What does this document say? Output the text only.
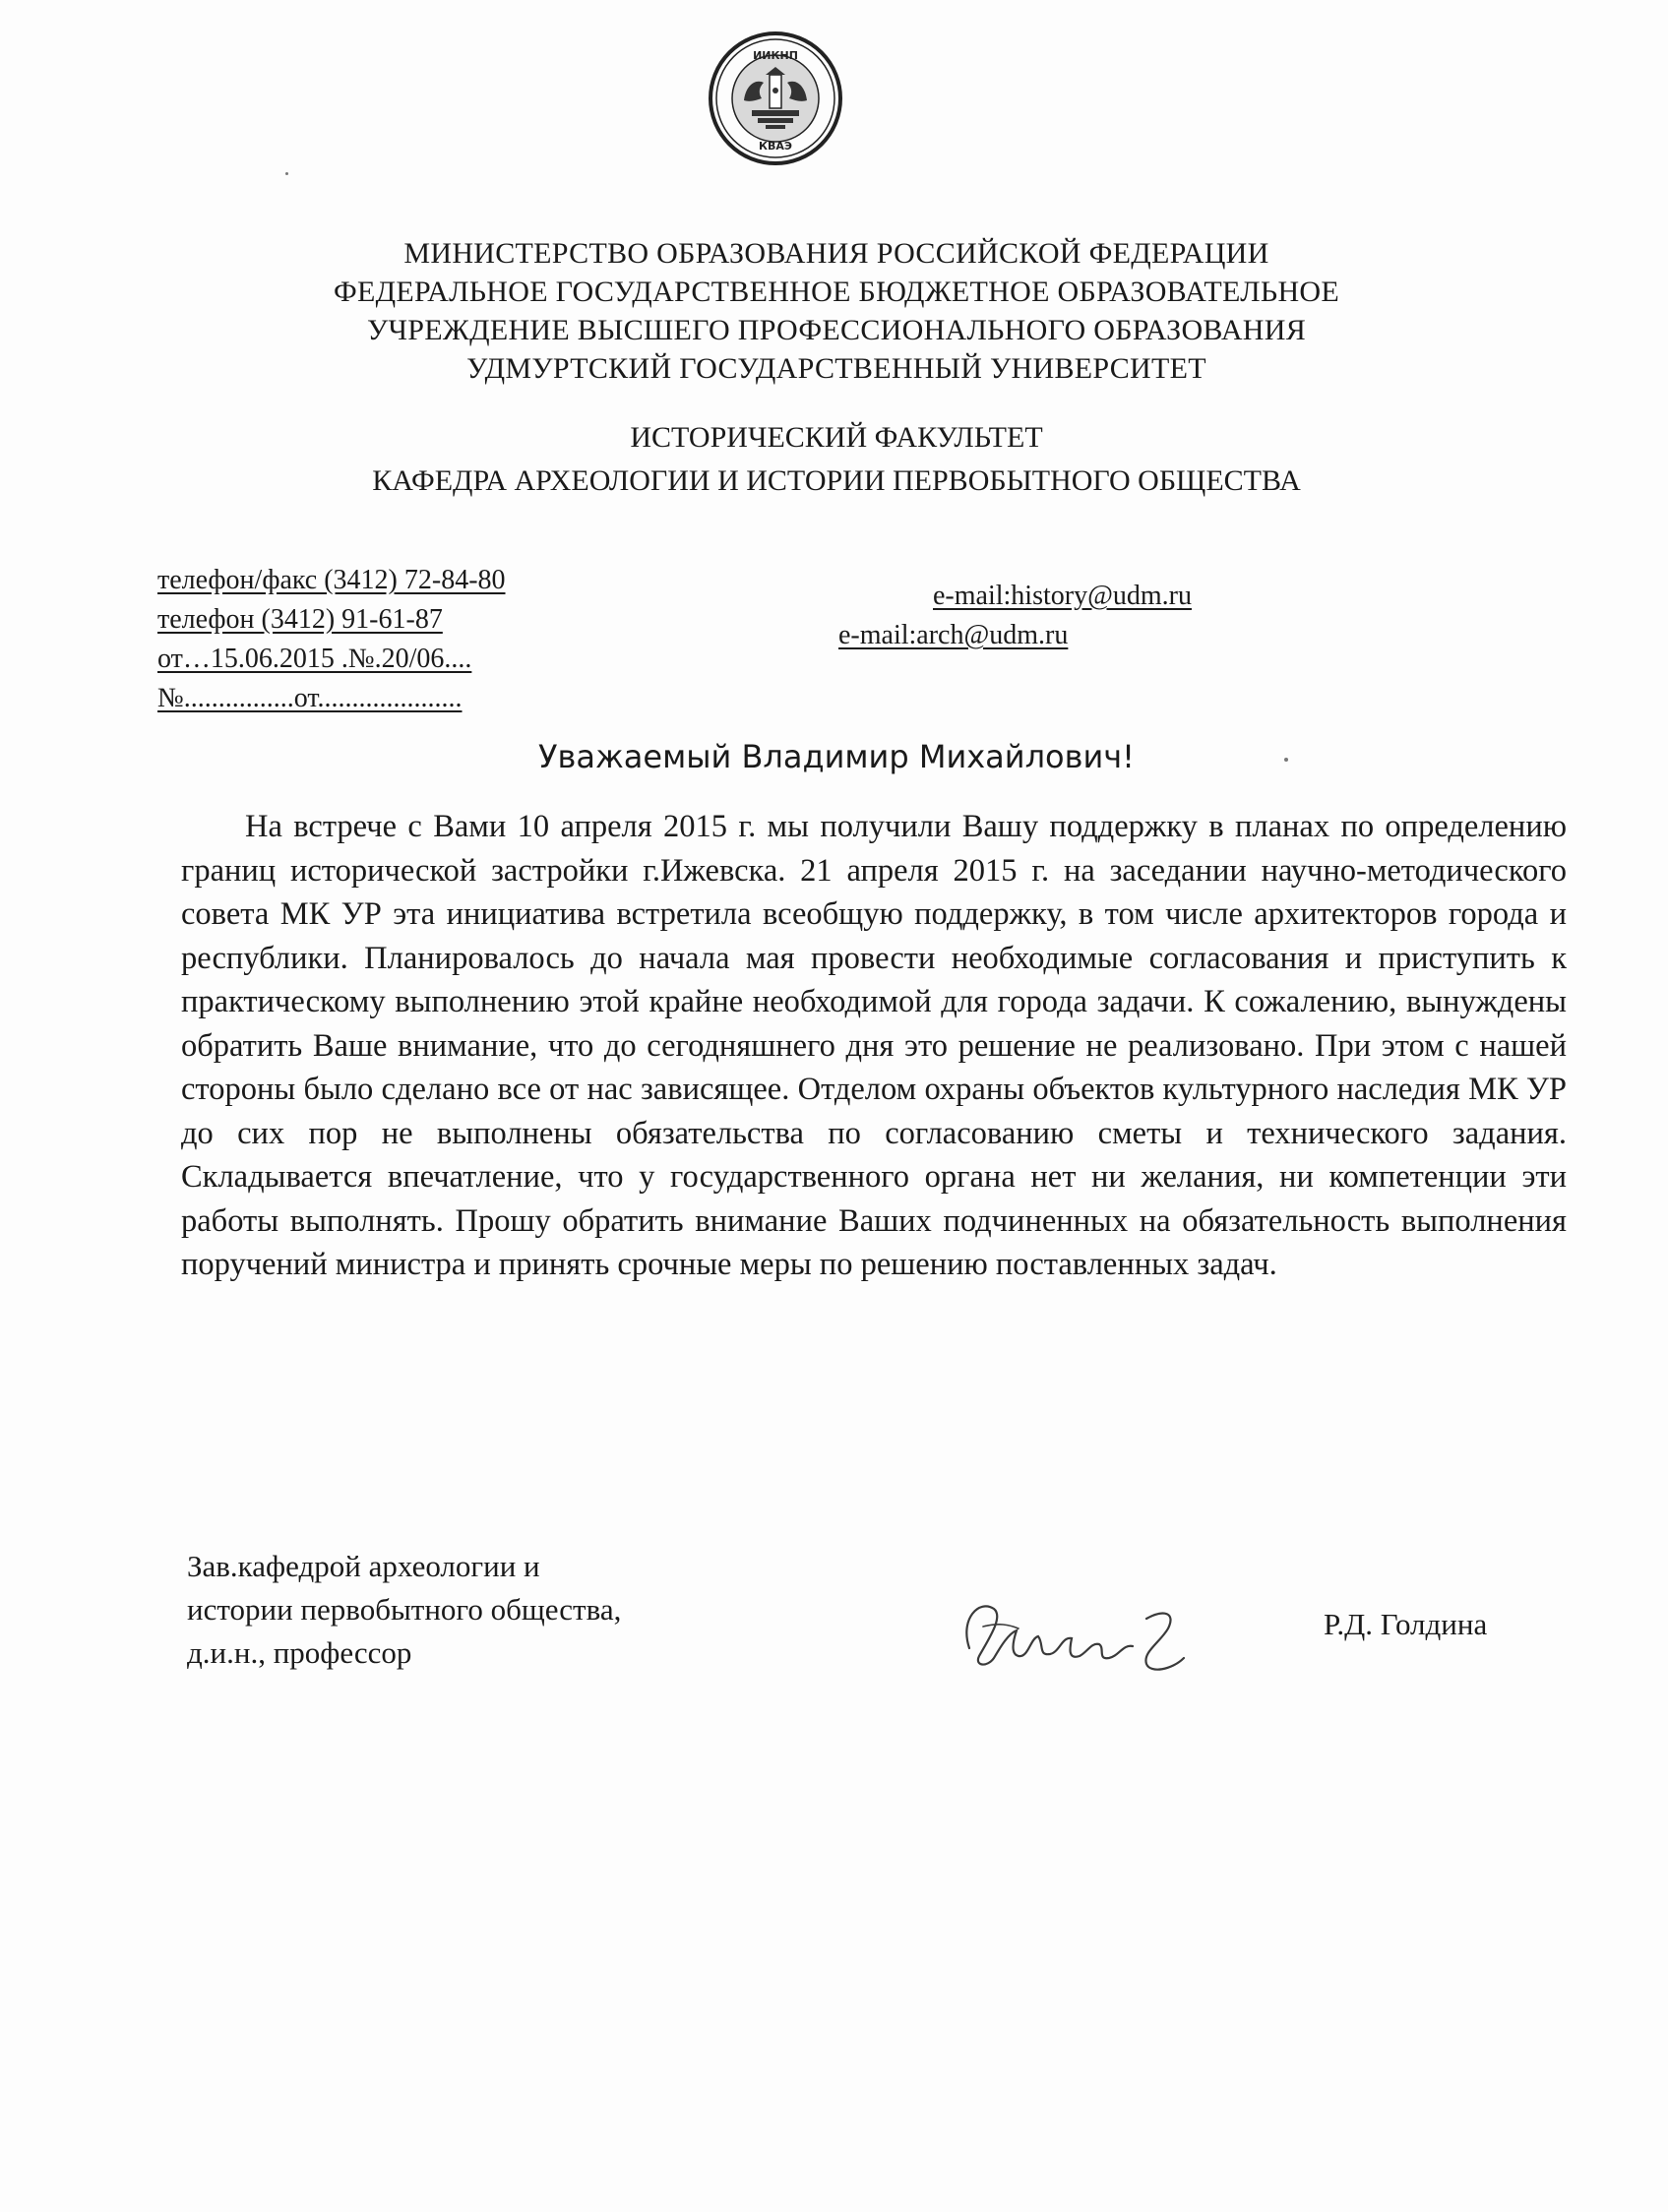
ИИКНП
КВАЭ
МИНИСТЕРСТВО ОБРАЗОВАНИЯ РОССИЙСКОЙ ФЕДЕРАЦИИ
ФЕДЕРАЛЬНОЕ ГОСУДАРСТВЕННОЕ БЮДЖЕТНОЕ ОБРАЗОВАТЕЛЬНОЕ
УЧРЕЖДЕНИЕ ВЫСШЕГО ПРОФЕССИОНАЛЬНОГО ОБРАЗОВАНИЯ
УДМУРТСКИЙ ГОСУДАРСТВЕННЫЙ УНИВЕРСИТЕТ
ИСТОРИЧЕСКИЙ ФАКУЛЬТЕТ
КАФЕДРА АРХЕОЛОГИИ И ИСТОРИИ ПЕРВОБЫТНОГО ОБЩЕСТВА
телефон/факс (3412) 72-84-80
телефон (3412) 91-61-87
от…15.06.2015 .№.20/06....
№................от.....................
e-mail:history@udm.ru
e-mail:arch@udm.ru
Уважаемый Владимир Михайлович!
На встрече с Вами 10 апреля 2015 г. мы получили Вашу поддержку в планах по определению границ исторической застройки г.Ижевска. 21 апреля 2015 г. на заседании научно-методического совета МК УР эта инициатива встретила всеобщую поддержку, в том числе архитекторов города и республики. Планировалось до начала мая провести необходимые согласования и приступить к практическому выполнению этой крайне необходимой для города задачи. К сожалению, вынуждены обратить Ваше внимание, что до сегодняшнего дня это решение не реализовано. При этом с нашей стороны было сделано все от нас зависящее. Отделом охраны объектов культурного наследия МК УР до сих пор не выполнены обязательства по согласованию сметы и технического задания. Складывается впечатление, что у государственного органа нет ни желания, ни компетенции эти работы выполнять. Прошу обратить внимание Ваших подчиненных на обязательность выполнения поручений министра и принять срочные меры по решению поставленных задач.
Зав.кафедрой археологии и
истории первобытного общества,
д.и.н., профессор
Р.Д. Голдина
